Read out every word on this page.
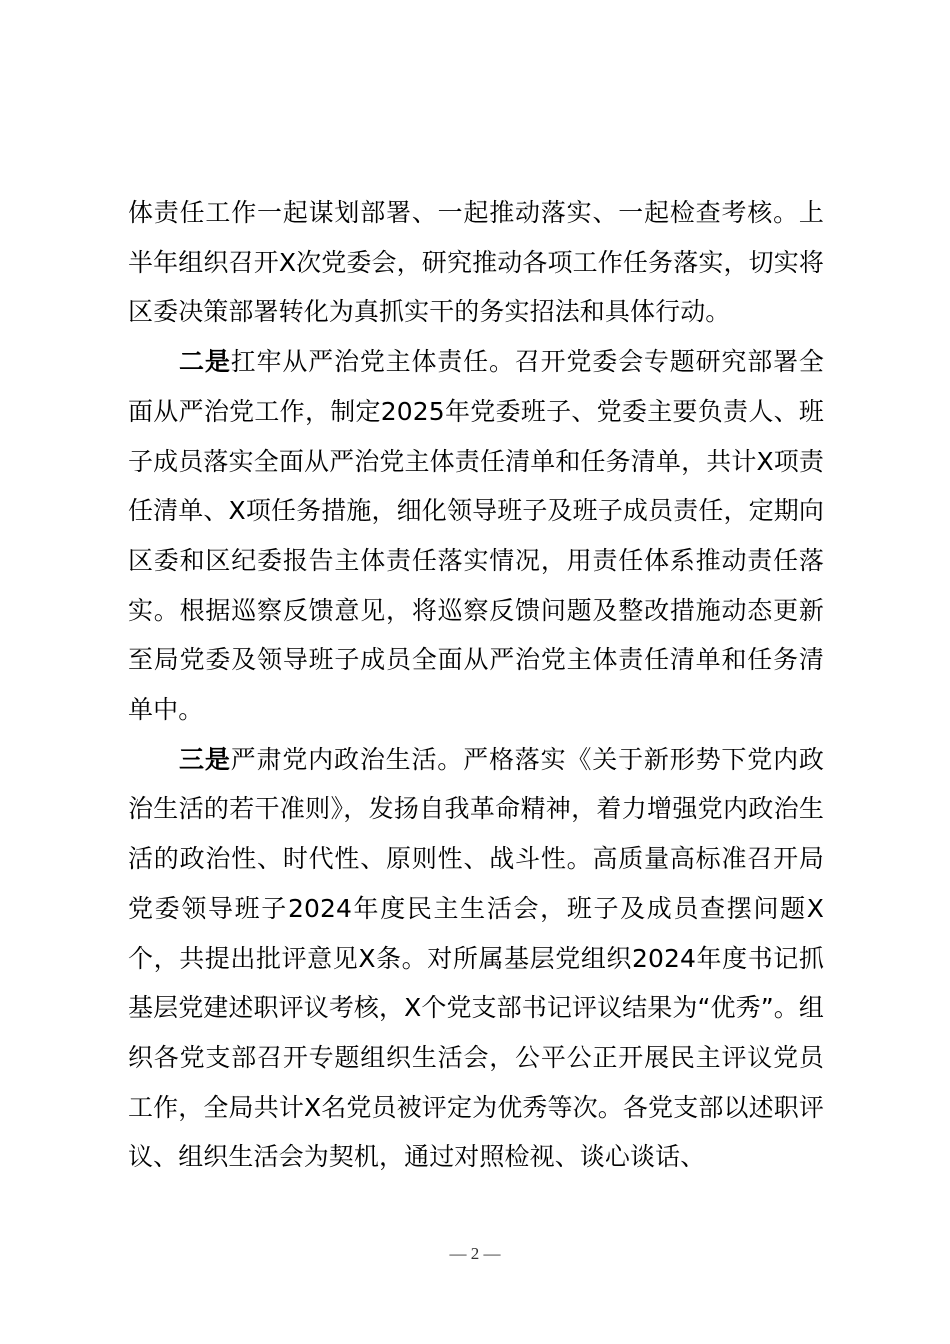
体责任工作一起谋划部署、一起推动落实、一起检查考核。上半年组织召开X次党委会，研究推动各项工作任务落实，切实将区委决策部署转化为真抓实干的务实招法和具体行动。

二是扛牢从严治党主体责任。召开党委会专题研究部署全面从严治党工作，制定2025年党委班子、党委主要负责人、班子成员落实全面从严治党主体责任清单和任务清单，共计X项责任清单、X项任务措施，细化领导班子及班子成员责任，定期向区委和区纪委报告主体责任落实情况，用责任体系推动责任落实。根据巡察反馈意见，将巡察反馈问题及整改措施动态更新至局党委及领导班子成员全面从严治党主体责任清单和任务清单中。

三是严肃党内政治生活。严格落实《关于新形势下党内政治生活的若干准则》，发扬自我革命精神，着力增强党内政治生活的政治性、时代性、原则性、战斗性。高质量高标准召开局党委领导班子2024年度民主生活会，班子及成员查摆问题X个，共提出批评意见X条。对所属基层党组织2024年度书记抓基层党建述职评议考核，X个党支部书记评议结果为“优秀”。组织各党支部召开专题组织生活会，公平公正开展民主评议党员工作，全局共计X名党员被评定为优秀等次。各党支部以述职评议、组织生活会为契机，通过对照检视、谈心谈话、

— 2 —
